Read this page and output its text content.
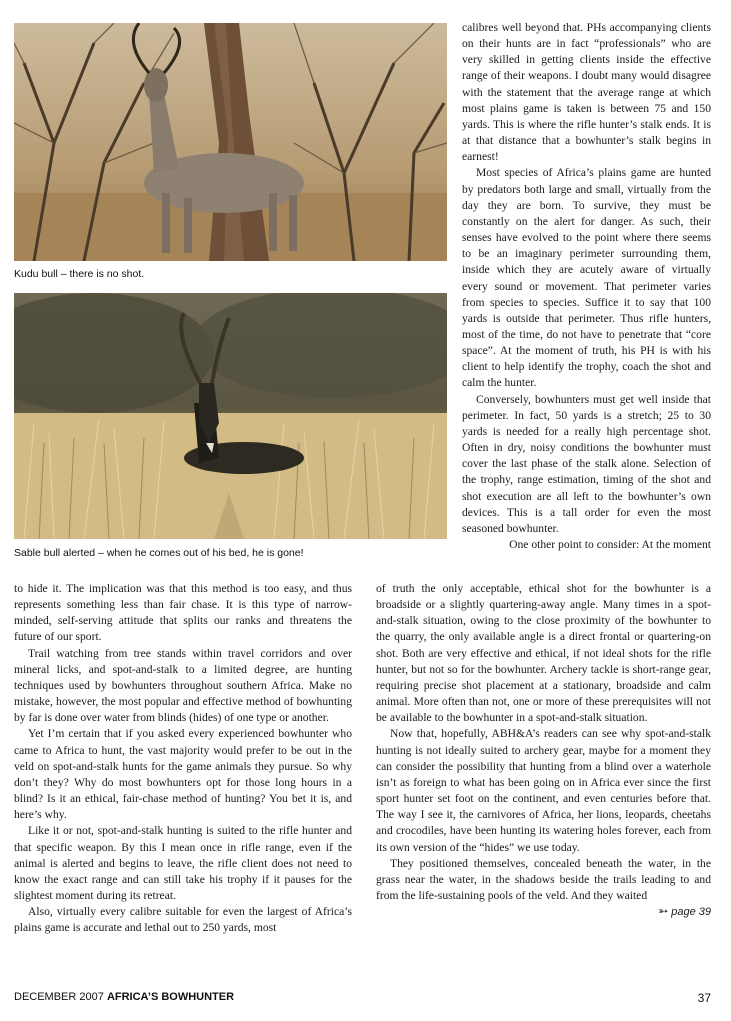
Kudu bull – there is no shot.
Sable bull alerted – when he comes out of his bed, he is gone!

calibres well beyond that. PHs accompanying clients on their hunts are in fact “professionals” who are very skilled in getting clients inside the effective range of their weapons. I doubt many would disagree with the statement that the average range at which most plains game is taken is between 75 and 150 yards. This is where the rifle hunter’s stalk ends. It is at that distance that a bowhunter’s stalk begins in earnest!

Most species of Africa’s plains game are hunted by predators both large and small, virtually from the day they are born. To survive, they must be constantly on the alert for danger. As such, their senses have evolved to the point where there seems to be an imaginary perimeter surrounding them, inside which they are acutely aware of virtually every sound or movement. That perimeter varies from species to species. Suffice it to say that 100 yards is outside that perimeter. Thus rifle hunters, most of the time, do not have to penetrate that “core space”. At the moment of truth, his PH is with his client to help identify the trophy, coach the shot and calm the hunter.

Conversely, bowhunters must get well inside that perimeter. In fact, 50 yards is a stretch; 25 to 30 yards is needed for a really high percentage shot. Often in dry, noisy conditions the bowhunter must cover the last phase of the stalk alone. Selection of the trophy, range estimation, timing of the shot and shot execution are all left to the bowhunter’s own devices. This is a tall order for even the most seasoned bowhunter.

One other point to consider: At the moment

to hide it. The implication was that this method is too easy, and thus represents something less than fair chase. It is this type of narrow-minded, self-serving attitude that splits our ranks and threatens the future of our sport.

Trail watching from tree stands within travel corridors and over mineral licks, and spot-and-stalk to a limited degree, are hunting techniques used by bowhunters throughout southern Africa. Make no mistake, however, the most popular and effective method of bowhunting by far is done over water from blinds (hides) of one type or another.

Yet I’m certain that if you asked every experienced bowhunter who came to Africa to hunt, the vast majority would prefer to be out in the veld on spot-and-stalk hunts for the game animals they pursue. So why don’t they? Why do most bowhunters opt for those long hours in a blind? Is it an ethical, fair-chase method of hunting? You bet it is, and here’s why.

Like it or not, spot-and-stalk hunting is suited to the rifle hunter and that specific weapon. By this I mean once in rifle range, even if the animal is alerted and begins to leave, the rifle client does not need to know the exact range and can still take his trophy if it pauses for the slightest moment during its retreat.

Also, virtually every calibre suitable for even the largest of Africa’s plains game is accurate and lethal out to 250 yards, most

of truth the only acceptable, ethical shot for the bowhunter is a broadside or a slightly quartering-away angle. Many times in a spot-and-stalk situation, owing to the close proximity of the bowhunter to the quarry, the only available angle is a direct frontal or quartering-on shot. Both are very effective and ethical, if not ideal shots for the rifle hunter, but not so for the bowhunter. Archery tackle is short-range gear, requiring precise shot placement at a stationary, broadside and calm animal. More often than not, one or more of these prerequisites will not be available to the bowhunter in a spot-and-stalk situation.

Now that, hopefully, ABH&A’s readers can see why spot-and-stalk hunting is not ideally suited to archery gear, maybe for a moment they can consider the possibility that hunting from a blind over a waterhole isn’t as foreign to what has been going on in Africa ever since the first sport hunter set foot on the continent, and even centuries before that. The way I see it, the carnivores of Africa, her lions, leopards, cheetahs and crocodiles, have been hunting its watering holes forever, each from its own version of the “hides” we use today.

They positioned themselves, concealed beneath the water, in the grass near the water, in the shadows beside the trails leading to and from the life-sustaining pools of the veld. And they waited

➳ page 39
DECEMBER 2007 AFRICA’S BOWHUNTER	37
